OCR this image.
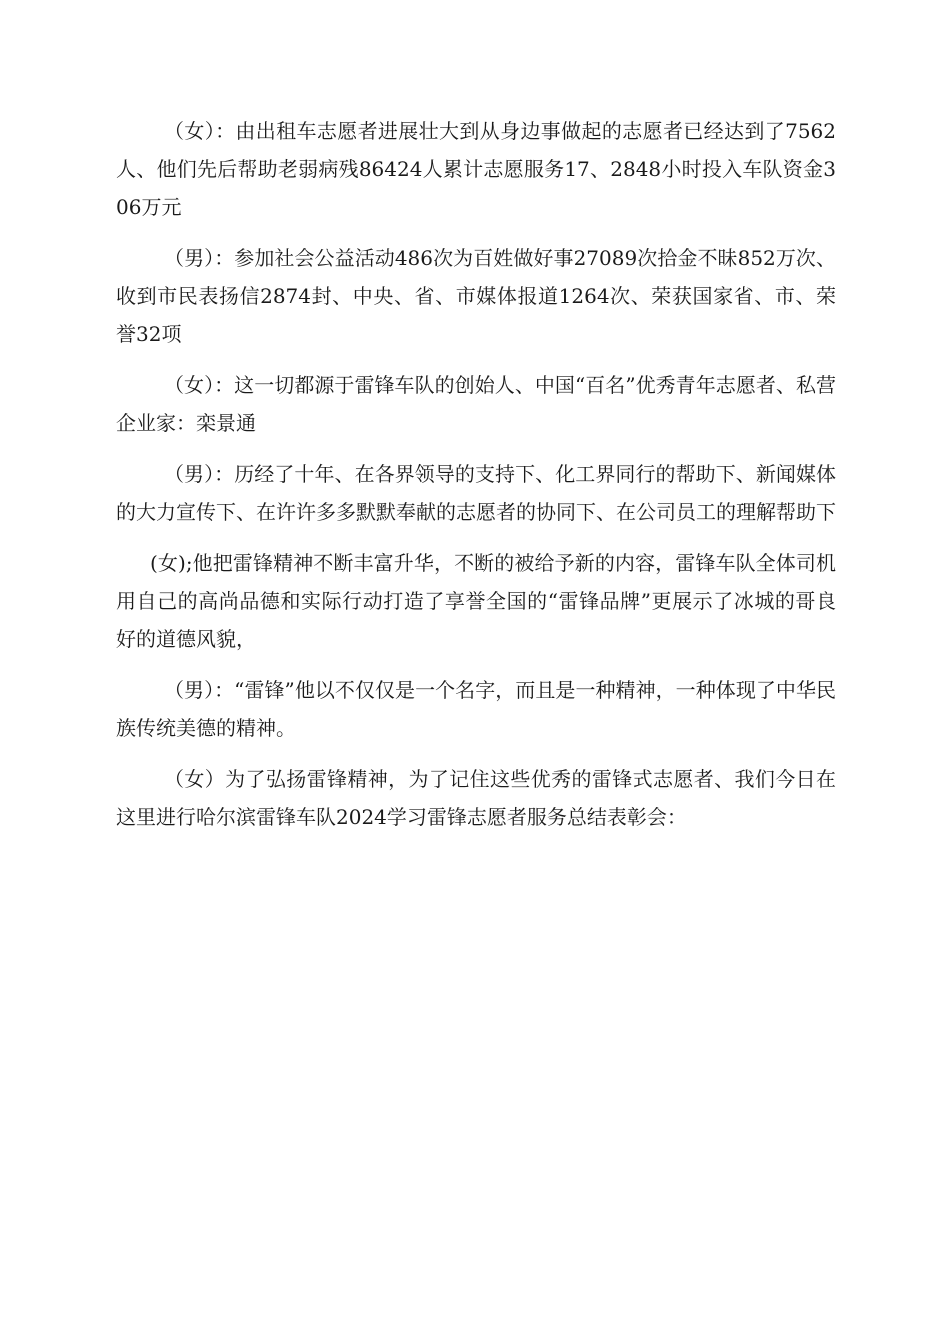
（女）：由出租车志愿者进展壮大到从身边事做起的志愿者已经达到了7562人、他们先后帮助老弱病残86424人累计志愿服务17、2848小时投入车队资金306万元

（男）：参加社会公益活动486次为百姓做好事27089次拾金不昧852万次、收到市民表扬信2874封、中央、省、市媒体报道1264次、荣获国家省、市、荣誉32项

（女）：这一切都源于雷锋车队的创始人、中国“百名”优秀青年志愿者、私营企业家：栾景通

（男）：历经了十年、在各界领导的支持下、化工界同行的帮助下、新闻媒体的大力宣传下、在许许多多默默奉献的志愿者的协同下、在公司员工的理解帮助下

(女);他把雷锋精神不断丰富升华，不断的被给予新的内容，雷锋车队全体司机用自己的高尚品德和实际行动打造了享誉全国的“雷锋品牌”更展示了冰城的哥良好的道德风貌，

（男）：“雷锋”他以不仅仅是一个名字，而且是一种精神，一种体现了中华民族传统美德的精神。

（女）为了弘扬雷锋精神，为了记住这些优秀的雷锋式志愿者、我们今日在这里进行哈尔滨雷锋车队2024学习雷锋志愿者服务总结表彰会：
